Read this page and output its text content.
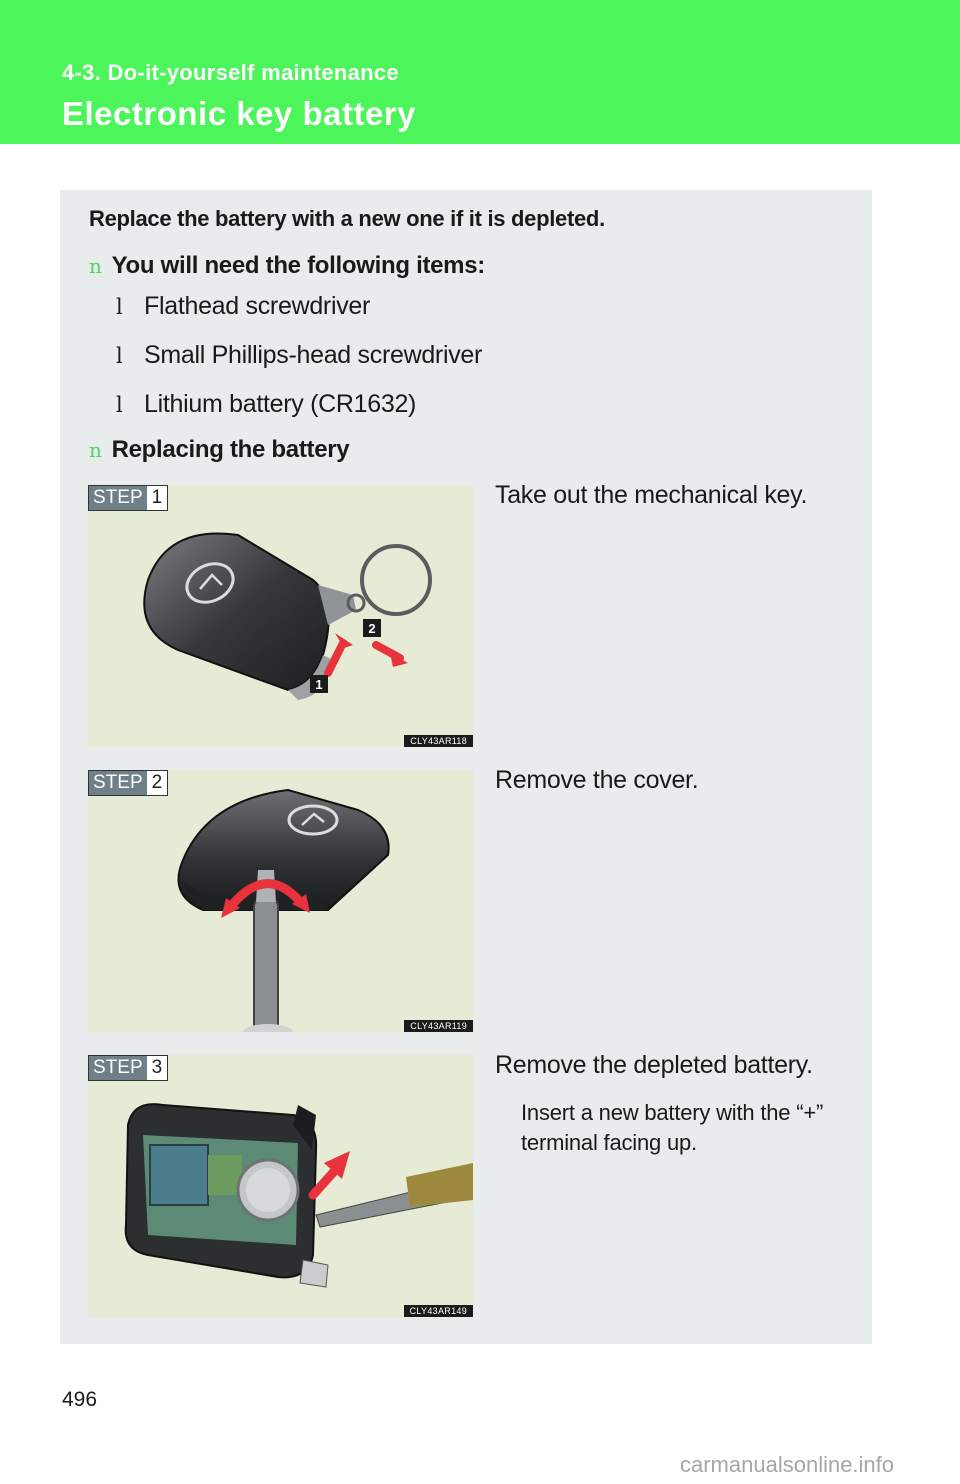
4-3. Do-it-yourself maintenance
Electronic key battery
Replace the battery with a new one if it is depleted.
n You will need the following items:
l Flathead screwdriver
l Small Phillips-head screwdriver
l Lithium battery (CR1632)
n Replacing the battery
2
1
STEP 1
CLY43AR118
Take out the mechanical key.
STEP 2
CLY43AR119
Remove the cover.
STEP 3
CLY43AR149
Remove the depleted battery.
Insert a new battery with the “+” terminal facing up.
496
carmanualsonline.info
